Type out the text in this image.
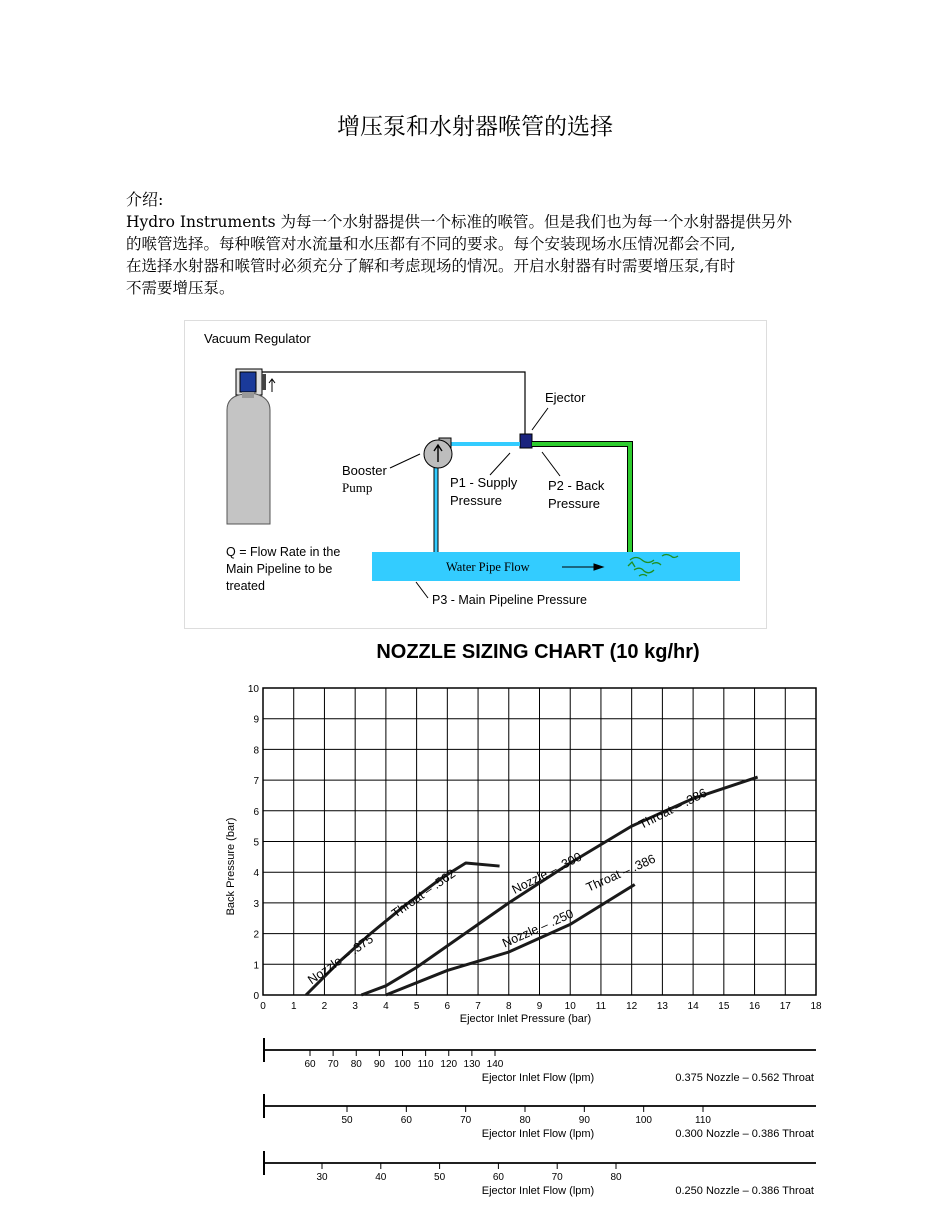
增压泵和水射器喉管的选择
介绍:
Hydro Instruments 为每一个水射器提供一个标准的喉管。但是我们也为每一个水射器提供另外
的喉管选择。每种喉管对水流量和水压都有不同的要求。每个安装现场水压情况都会不同,
在选择水射器和喉管时必须充分了解和考虑现场的情况。开启水射器有时需要增压泵,有时
不需要增压泵。
Vacuum Regulator
Ejector
Booster
Pump	P1 - Supply
Pressure
P2 - Back
Pressure
Water Pipe Flow
Q = Flow Rate in the
Main Pipeline to be
treated
P3 - Main Pipeline Pressure
NOZZLE SIZING CHART (10 kg/hr)
0	1	2	3	4	5	6	7	8	9 10 11 12 13 14 15 16 17 18
0
1
2
3
4
5
6
7
8
9
10
Ejector Inlet Pressure (bar)
Back Pressure (bar)
Nozzle – .375
Throat – .562	Nozzle – .300
Throat – .386
Nozzle – .250
Throat – .386
60 70 80 90 100 110 120 130 140
Ejector Inlet Flow (lpm)	0.375 Nozzle – 0.562 Throat
50	60	70	80	90	100	110
Ejector Inlet Flow (lpm)	0.300 Nozzle – 0.386 Throat
30	40	50	60	70	80
Ejector Inlet Flow (lpm)	0.250 Nozzle – 0.386 Throat
